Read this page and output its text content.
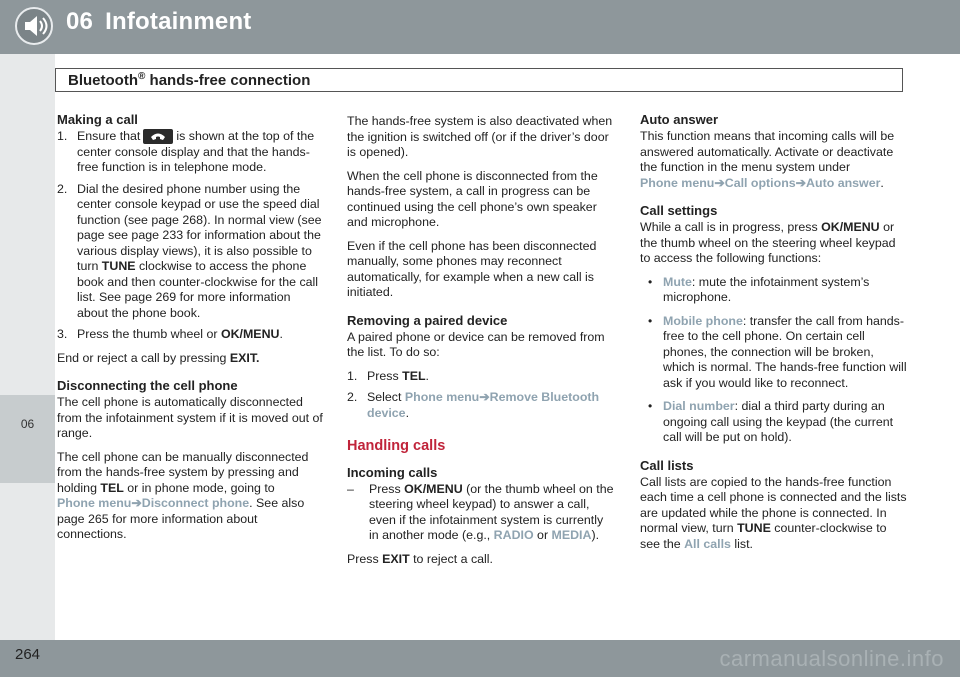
06 Infotainment
06
Bluetooth® hands-free connection
Making a call
1. Ensure that	is shown at the top of the center console display and that the hands-free function is in telephone mode.
2. Dial the desired phone number using the center console keypad or use the speed dial function (see page 268). In normal view (see page see page 233 for information about the various display views), it is also possible to turn TUNE clockwise to access the phone book and then counter-clockwise for the call list. See page 269 for more information about the phone book.
3. Press the thumb wheel or OK/MENU.

End or reject a call by pressing EXIT.

Disconnecting the cell phone

The cell phone is automatically disconnected from the infotainment system if it is moved out of range.

The cell phone can be manually disconnected from the hands-free system by pressing and holding TEL or in phone mode, going to
Phone menu➔Disconnect phone. See also page 265 for more information about connections.

The hands-free system is also deactivated when the ignition is switched off (or if the driver’s door is opened).

When the cell phone is disconnected from the hands-free system, a call in progress can be continued using the cell phone’s own speaker and microphone.

Even if the cell phone has been disconnected manually, some phones may reconnect automatically, for example when a new call is initiated.

Removing a paired device

A paired phone or device can be removed from the list. To do so:

1. Press TEL.
2. Select Phone menu➔Remove Bluetooth device.
Handling calls
Incoming calls
– Press OK/MENU (or the thumb wheel on the steering wheel keypad) to answer a call, even if the infotainment system is currently in another mode (e.g., RADIO or MEDIA).

Press EXIT to reject a call.

Auto answer

This function means that incoming calls will be answered automatically. Activate or deactivate the function in the menu system under
Phone menu➔Call options➔Auto answer.

Call settings

While a call is in progress, press OK/MENU or the thumb wheel on the steering wheel keypad to access the following functions:

• Mute: mute the infotainment system’s microphone.
• Mobile phone: transfer the call from hands-free to the cell phone. On certain cell phones, the connection will be broken, which is normal. The hands-free function will ask if you would like to reconnect.
• Dial number: dial a third party during an ongoing call using the keypad (the current call will be put on hold).
Call lists

Call lists are copied to the hands-free function each time a cell phone is connected and the lists are updated while the phone is connected. In normal view, turn TUNE counter-clockwise to see the All calls list.

264	carmanualsonline.info
